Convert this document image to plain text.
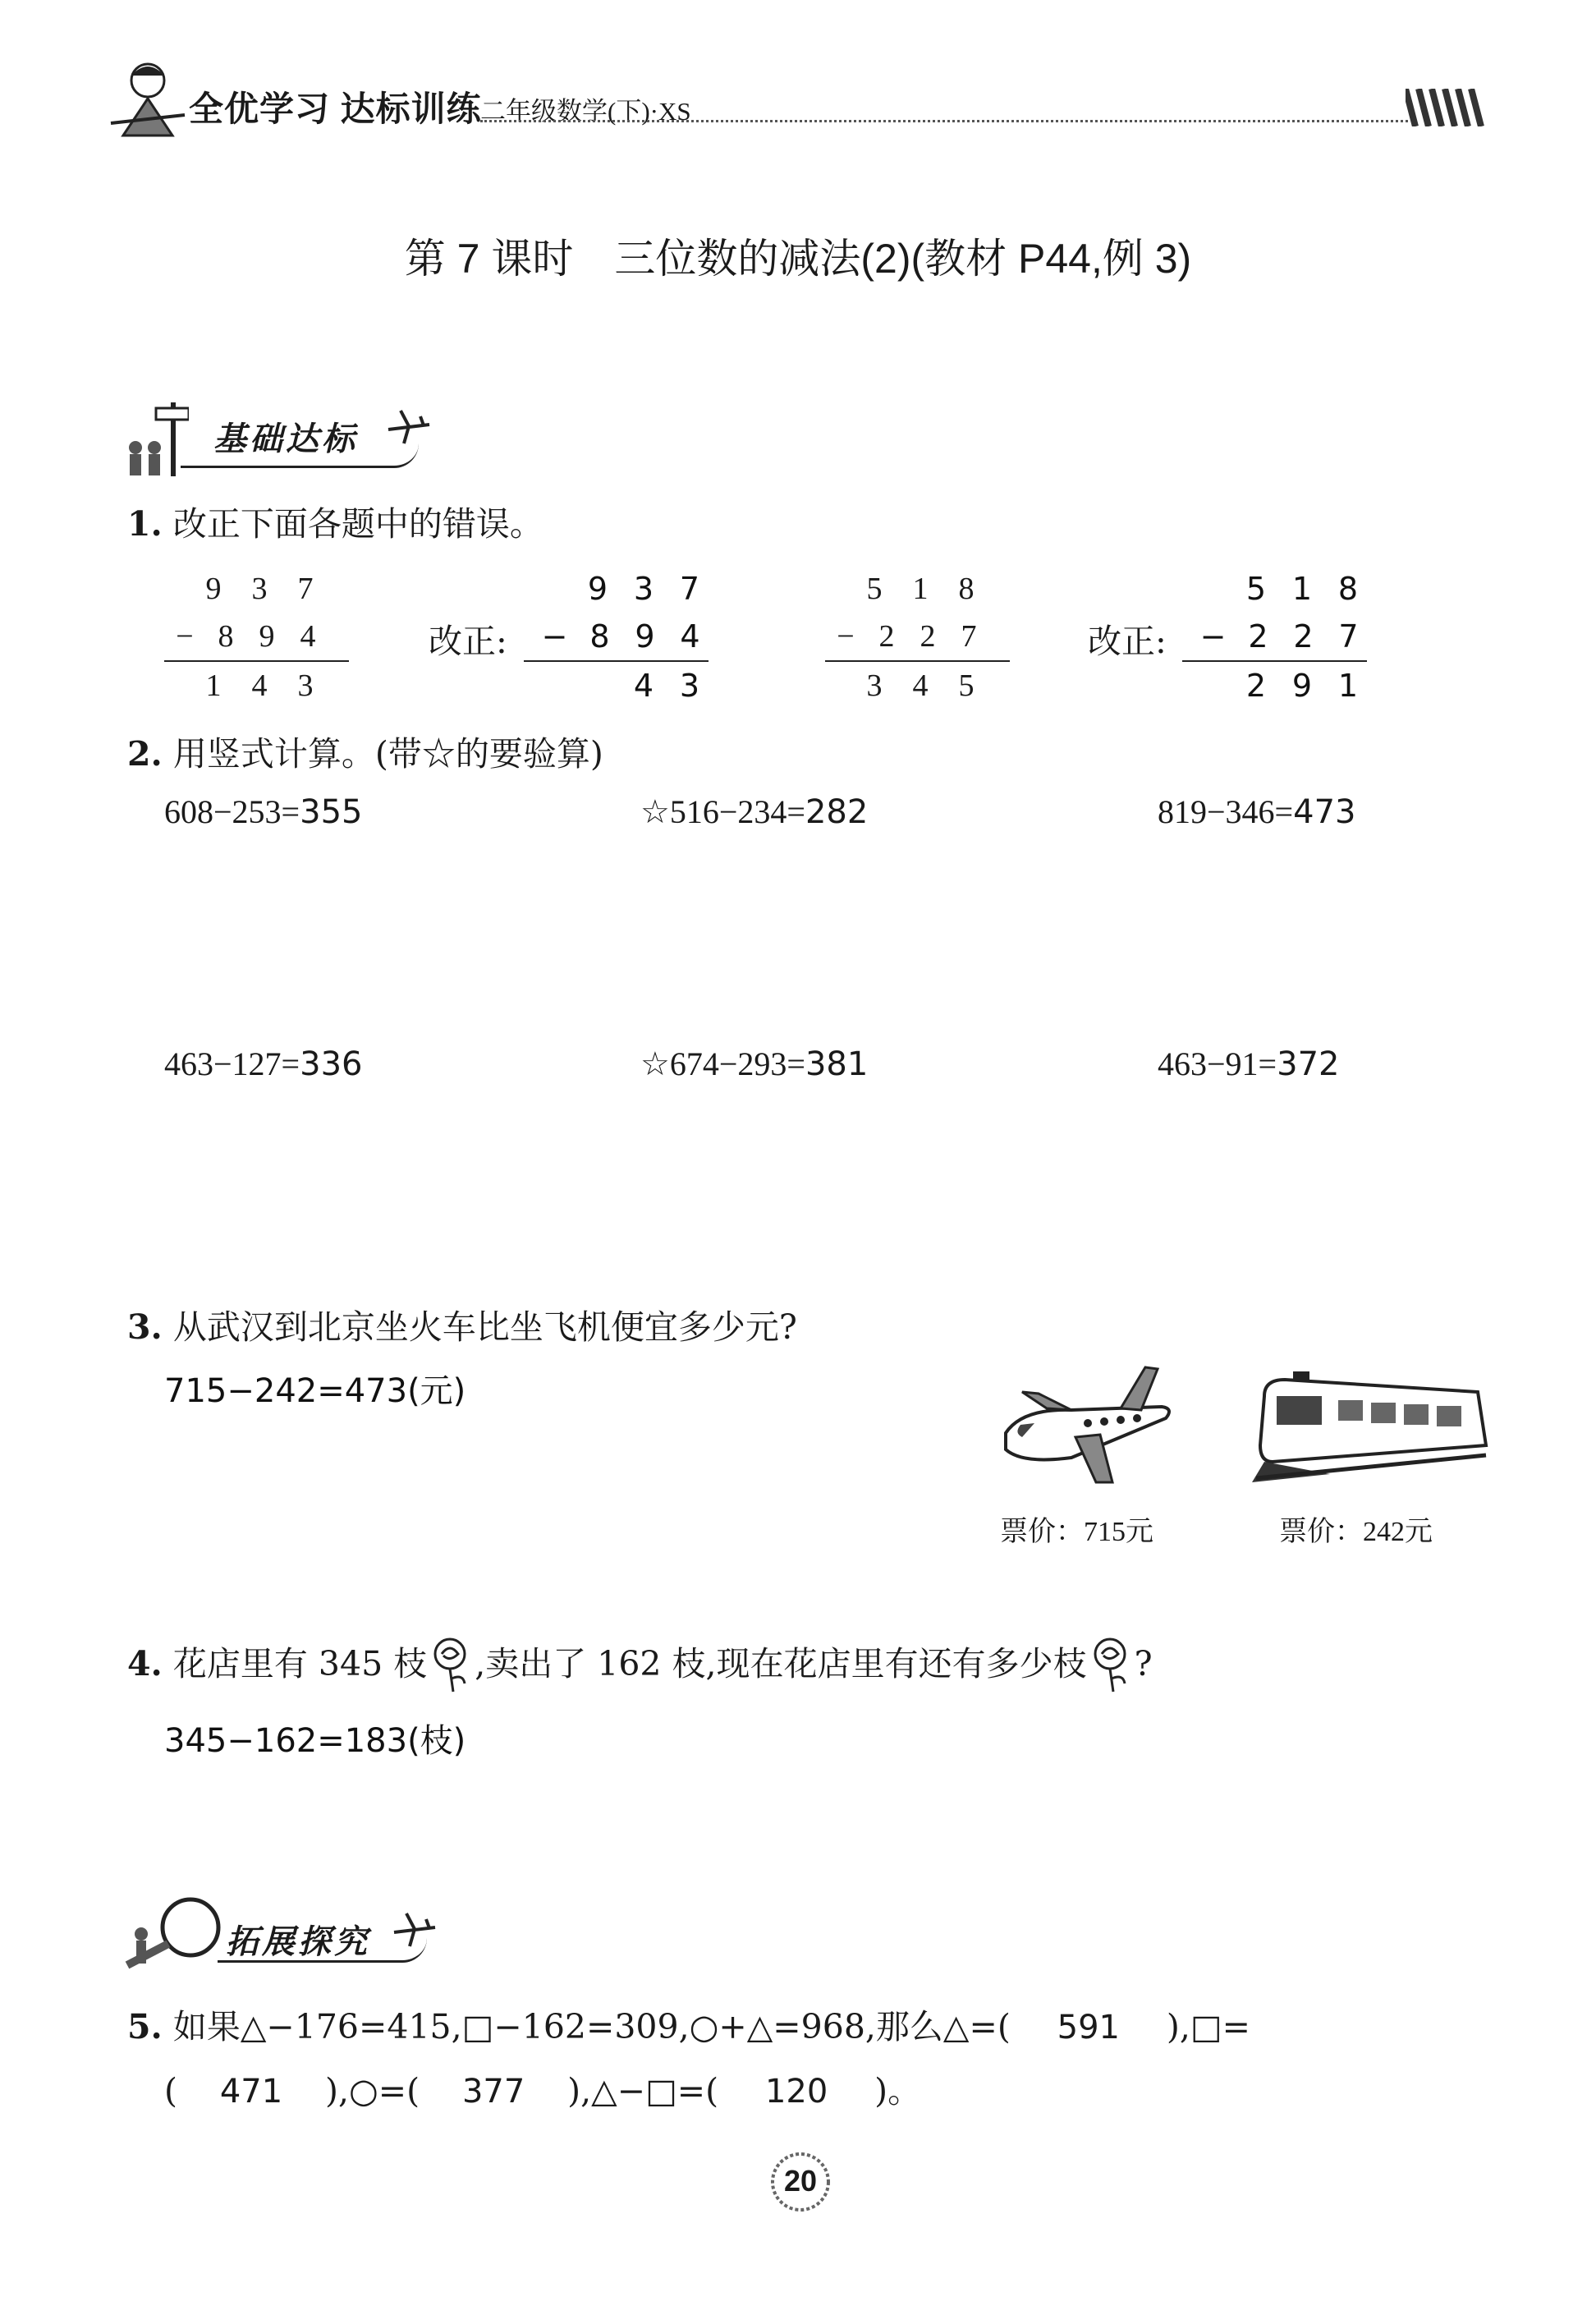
全优学习 达标训练
二年级数学(下)·XS
第 7 课时　三位数的减法(2)(教材 P44,例 3)
基础达标
1. 改正下面各题中的错误。
9 3 7
− 8 9 4
1 4 3
改正:
9 3 7
− 8 9 4
4 3
5 1 8
− 2 2 7
3 4 5
改正:
5 1 8
− 2 2 7
2 9 1
2. 用竖式计算。(带☆的要验算)
608−253=355	☆516−234=282	819−346=473
463−127=336	☆674−293=381	463−91=372
3. 从武汉到北京坐火车比坐飞机便宜多少元?
715−242=473(元)
票价：715元	票价：242元
4. 花店里有 345 枝 ,卖出了 162 枝,现在花店里有还有多少枝 ?
345−162=183(枝)
拓展探究
5. 如果△−176=415,□−162=309,○+△=968,那么△=( 591 ),□=
( 471 ),○=( 377 ),△−□=( 120 )。
20
